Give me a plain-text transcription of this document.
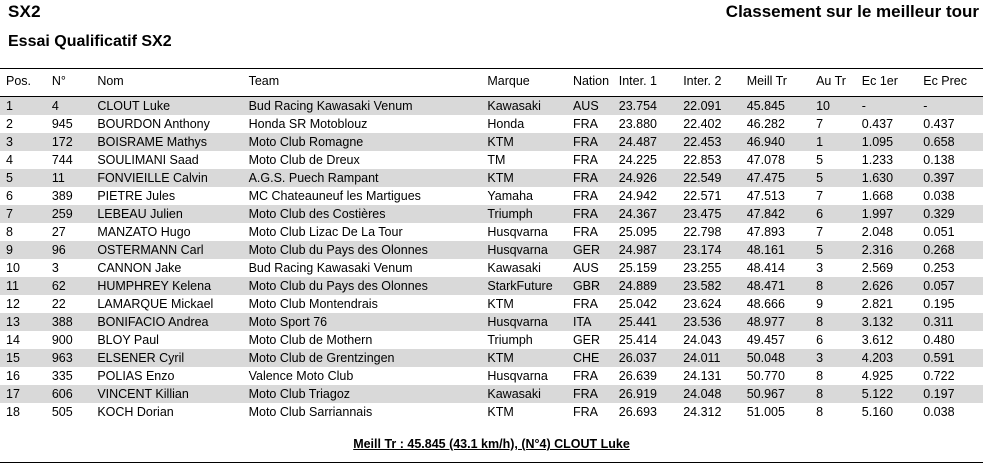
SX2	Classement sur le meilleur tour
Essai Qualificatif SX2
Pos.	N°	Nom	Team	Marque	Nation	Inter. 1	Inter. 2	Meill Tr	Au Tr	Ec 1er	Ec Prec
1	4	CLOUT Luke	Bud Racing Kawasaki Venum	Kawasaki	AUS	23.754	22.091	45.845	10	-	-
2	945	BOURDON Anthony	Honda SR Motoblouz	Honda	FRA	23.880	22.402	46.282	7	0.437	0.437
3	172	BOISRAME Mathys	Moto Club Romagne	KTM	FRA	24.487	22.453	46.940	1	1.095	0.658
4	744	SOULIMANI Saad	Moto Club de Dreux	TM	FRA	24.225	22.853	47.078	5	1.233	0.138
5	11	FONVIEILLE Calvin	A.G.S. Puech Rampant	KTM	FRA	24.926	22.549	47.475	5	1.630	0.397
6	389	PIETRE Jules	MC Chateauneuf les Martigues	Yamaha	FRA	24.942	22.571	47.513	7	1.668	0.038
7	259	LEBEAU Julien	Moto Club des Costières	Triumph	FRA	24.367	23.475	47.842	6	1.997	0.329
8	27	MANZATO Hugo	Moto Club Lizac De La Tour	Husqvarna	FRA	25.095	22.798	47.893	7	2.048	0.051
9	96	OSTERMANN Carl	Moto Club du Pays des Olonnes	Husqvarna	GER	24.987	23.174	48.161	5	2.316	0.268
10	3	CANNON Jake	Bud Racing Kawasaki Venum	Kawasaki	AUS	25.159	23.255	48.414	3	2.569	0.253
11	62	HUMPHREY Kelena	Moto Club du Pays des Olonnes	StarkFuture	GBR	24.889	23.582	48.471	8	2.626	0.057
12	22	LAMARQUE Mickael	Moto Club Montendrais	KTM	FRA	25.042	23.624	48.666	9	2.821	0.195
13	388	BONIFACIO Andrea	Moto Sport 76	Husqvarna	ITA	25.441	23.536	48.977	8	3.132	0.311
14	900	BLOY Paul	Moto Club de Mothern	Triumph	GER	25.414	24.043	49.457	6	3.612	0.480
15	963	ELSENER Cyril	Moto Club de Grentzingen	KTM	CHE	26.037	24.011	50.048	3	4.203	0.591
16	335	POLIAS Enzo	Valence Moto Club	Husqvarna	FRA	26.639	24.131	50.770	8	4.925	0.722
17	606	VINCENT Killian	Moto Club Triagoz	Kawasaki	FRA	26.919	24.048	50.967	8	5.122	0.197
18	505	KOCH Dorian	Moto Club Sarriannais	KTM	FRA	26.693	24.312	51.005	8	5.160	0.038
Meill Tr : 45.845 (43.1 km/h), (N°4) CLOUT Luke
